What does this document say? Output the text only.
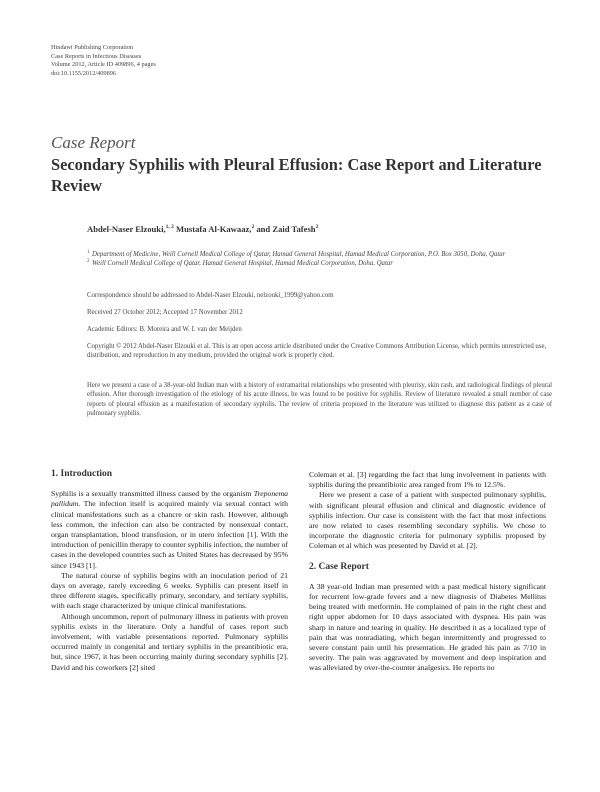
Hindawi Publishing Corporation
Case Reports in Infectious Diseases
Volume 2012, Article ID 409896, 4 pages
doi:10.1155/2012/409896
Case Report
Secondary Syphilis with Pleural Effusion: Case Report and Literature Review
Abdel-Naser Elzouki,$^{1, 2}$ Mustafa Al-Kawaaz,$^2$ and Zaid Tafesh$^2$
1 Department of Medicine, Weill Cornell Medical College of Qatar, Hamad General Hospital, Hamad Medical Corporation, P.O. Box 3050, Doha, Qatar
2 Weill Cornell Medical College of Qatar, Hamad General Hospital, Hamad Medical Corporation, Doha, Qatar
Correspondence should be addressed to Abdel-Naser Elzouki, nelzouki_1999@yahoo.com
Received 27 October 2012; Accepted 17 November 2012
Academic Editors: B. Moreira and W. I. van der Meijden
Copyright © 2012 Abdel-Naser Elzouki et al. This is an open access article distributed under the Creative Commons Attribution License, which permits unrestricted use, distribution, and reproduction in any medium, provided the original work is properly cited.
Here we present a case of a 38-year-old Indian man with a history of extramarital relationships who presented with pleurisy, skin rash, and radiological findings of pleural effusion. After thorough investigation of the etiology of his acute illness, he was found to be positive for syphilis. Review of literature revealed a small number of case reports of pleural effusion as a manifestation of secondary syphilis. The review of criteria proposed in the literature was utilized to diagnose this patient as a case of pulmonary syphilis.
1. Introduction

Syphilis is a sexually transmitted illness caused by the organism Treponema pallidum. The infection itself is acquired mainly via sexual contact with clinical manifestations such as a chancre or skin rash. However, although less common, the infection can also be contracted by nonsexual contact, organ transplantation, blood transfusion, or in utero infection [1]. With the introduction of penicillin therapy to counter syphilis infection, the number of cases in the developed countries such as United States has decreased by 95% since 1943 [1].

The natural course of syphilis begins with an inoculation period of 21 days on average, rarely exceeding 6 weeks. Syphilis can present itself in three different stages, specifically primary, secondary, and tertiary syphilis, with each stage characterized by unique clinical manifestations.

Although uncommon, report of pulmonary illness in patients with proven syphilis exists in the literature. Only a handful of cases report such involvement, with variable presentations reported. Pulmonary syphilis occurred mainly in congenital and tertiary syphilis in the preantibiotic era, but, since 1967, it has been occurring mainly during secondary syphilis [2]. David and his coworkers [2] sited

Coleman et al. [3] regarding the fact that lung involvement in patients with syphilis during the preantibiotic area ranged from 1% to 12.5%.

Here we present a case of a patient with suspected pulmonary syphilis, with significant pleural effusion and clinical and diagnostic evidence of syphilis infection. Our case is consistent with the fact that most infections are now related to cases resembling secondary syphilis. We chose to incorporate the diagnostic criteria for pulmonary syphilis proposed by Coleman et al which was presented by David et al. [2].

2. Case Report

A 38 year-old Indian man presented with a past medical history significant for recurrent low-grade fevers and a new diagnosis of Diabetes Mellitus being treated with metformin. He complained of pain in the right chest and right upper abdomen for 10 days associated with dyspnea. His pain was sharp in nature and tearing in quality. He described it as a localized type of pain that was nonradiating, which began intermittently and progressed to severe constant pain until his presentation. He graded his pain as 7/10 in severity. The pain was aggravated by movement and deep inspiration and was alleviated by over-the-counter analgesics. He reports no
